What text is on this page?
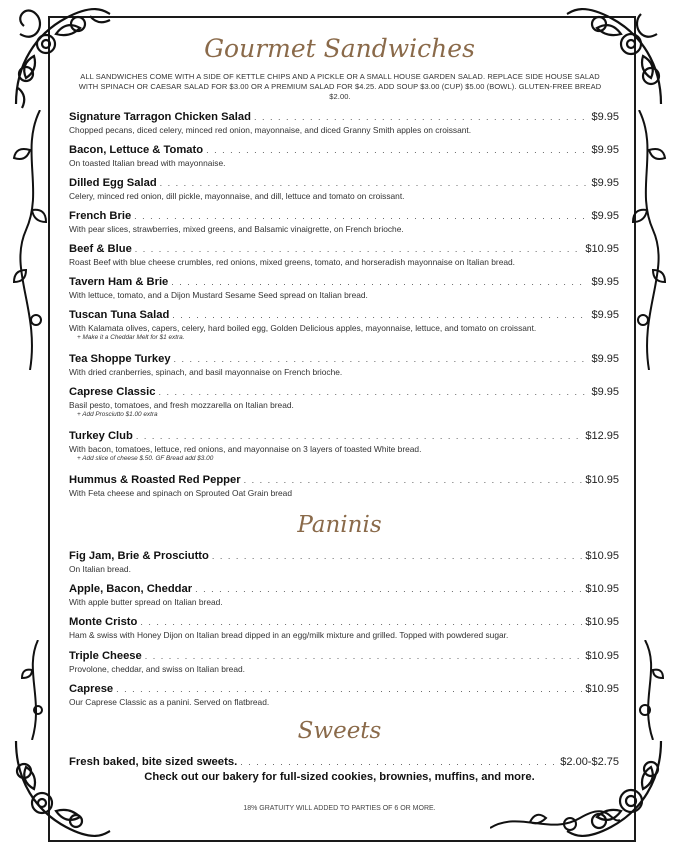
Gourmet Sandwiches
ALL SANDWICHES COME WITH A SIDE OF KETTLE CHIPS AND A PICKLE OR A SMALL HOUSE GARDEN SALAD. REPLACE SIDE HOUSE SALAD WITH SPINACH OR CAESAR SALAD FOR $3.00 OR A PREMIUM SALAD FOR $4.25. ADD SOUP $3.00 (CUP) $5.00 (BOWL). GLUTEN-FREE BREAD $2.00.
Signature Tarragon Chicken Salad . . .	$9.95
Chopped pecans, diced celery, minced red onion, mayonnaise, and diced Granny Smith apples on croissant.
Bacon, Lettuce & Tomato . . .	$9.95
On toasted Italian bread with mayonnaise.
Dilled Egg Salad . . .	$9.95
Celery, minced red onion, dill pickle, mayonnaise, and dill, lettuce and tomato on croissant.
French Brie . . .	$9.95
With pear slices, strawberries, mixed greens, and Balsamic vinaigrette, on French brioche.
Beef & Blue . . .	$10.95
Roast Beef with blue cheese crumbles, red onions, mixed greens, tomato, and horseradish mayonnaise on Italian bread.
Tavern Ham & Brie . . .	$9.95
With lettuce, tomato, and a Dijon Mustard Sesame Seed spread on Italian bread.
Tuscan Tuna Salad . . .	$9.95
With Kalamata olives, capers, celery, hard boiled egg, Golden Delicious apples, mayonnaise, lettuce, and tomato on croissant.
+ Make it a Cheddar Melt for $1 extra.
Tea Shoppe Turkey . . .	$9.95
With dried cranberries, spinach, and basil mayonnaise on French brioche.
Caprese Classic . . .	$9.95
Basil pesto, tomatoes, and fresh mozzarella on Italian bread.
+ Add Prosciutto $1.00 extra
Turkey Club . . .	$12.95
With bacon, tomatoes, lettuce, red onions, and mayonnaise on 3 layers of toasted White bread.
+ Add slice of cheese $.50. GF Bread add $3.00
Hummus & Roasted Red Pepper . . .	$10.95
With Feta cheese and spinach on Sprouted Oat Grain bread
Paninis
Fig Jam, Brie & Prosciutto . . .	$10.95
On Italian bread.
Apple, Bacon, Cheddar . . .	$10.95
With apple butter spread on Italian bread.
Monte Cristo . . .	$10.95
Ham & swiss with Honey Dijon on Italian bread dipped in an egg/milk mixture and grilled. Topped with powdered sugar.
Triple Cheese . . .	$10.95
Provolone, cheddar, and swiss on Italian bread.
Caprese . . .	$10.95
Our Caprese Classic as a panini. Served on flatbread.
Sweets
Fresh baked, bite sized sweets. . . .	$2.00-$2.75
Check out our bakery for full-sized cookies, brownies, muffins, and more.
18% GRATUITY WILL ADDED TO PARTIES OF 6 OR MORE.
